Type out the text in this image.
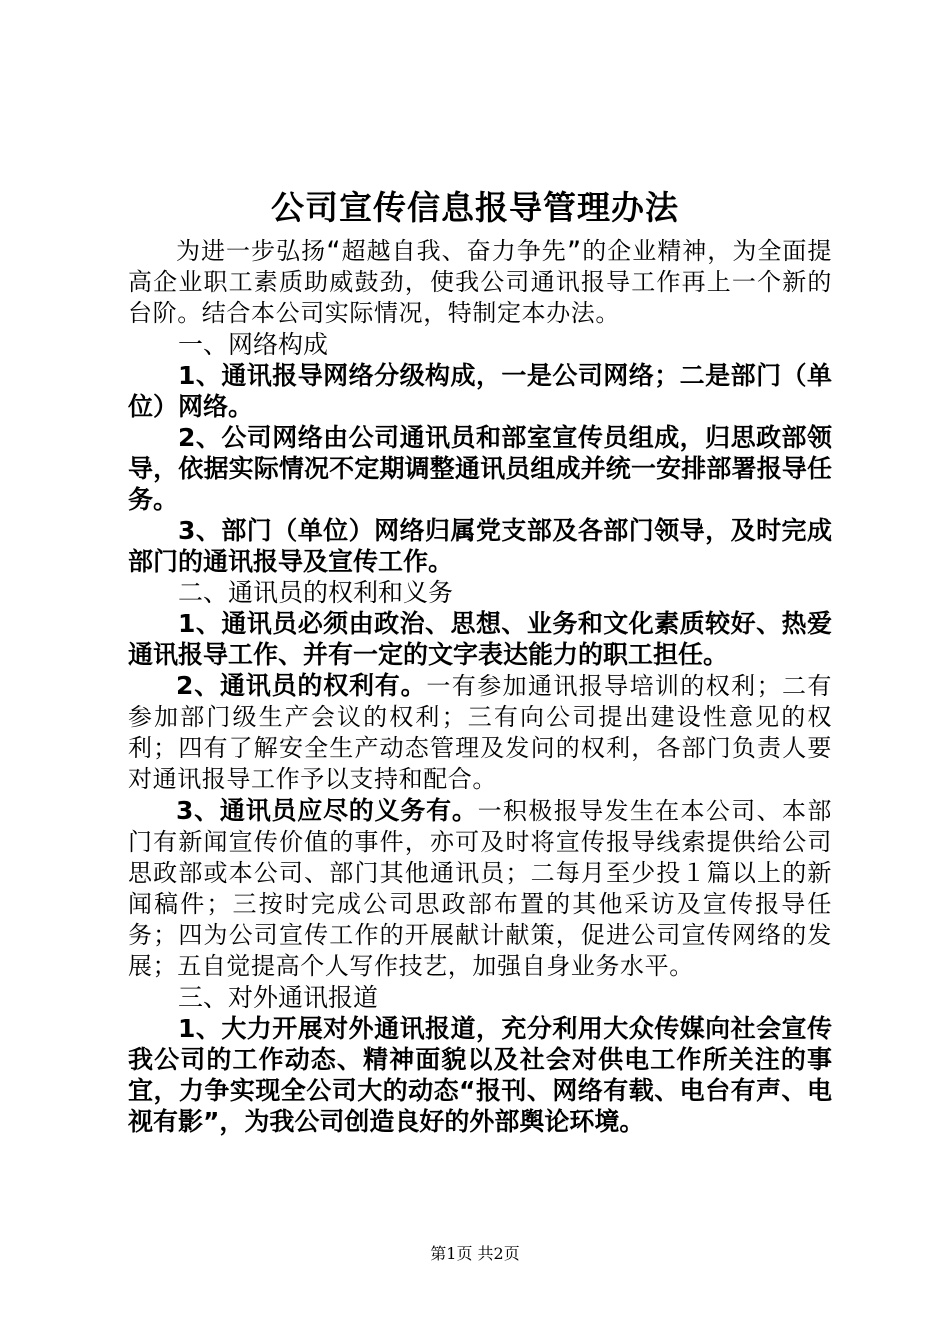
公司宣传信息报导管理办法

为进一步弘扬“超越自我、奋力争先”的企业精神，为全面提高企业职工素质助威鼓劲，使我公司通讯报导工作再上一个新的台阶。结合本公司实际情况，特制定本办法。

一、网络构成

1、通讯报导网络分级构成，一是公司网络；二是部门（单位）网络。

2、公司网络由公司通讯员和部室宣传员组成，归思政部领导，依据实际情况不定期调整通讯员组成并统一安排部署报导任务。

3、部门（单位）网络归属党支部及各部门领导，及时完成部门的通讯报导及宣传工作。

二、通讯员的权利和义务

1、通讯员必须由政治、思想、业务和文化素质较好、热爱通讯报导工作、并有一定的文字表达能力的职工担任。

2、通讯员的权利有。一有参加通讯报导培训的权利；二有参加部门级生产会议的权利；三有向公司提出建设性意见的权利；四有了解安全生产动态管理及发问的权利，各部门负责人要对通讯报导工作予以支持和配合。

3、通讯员应尽的义务有。一积极报导发生在本公司、本部门有新闻宣传价值的事件，亦可及时将宣传报导线索提供给公司思政部或本公司、部门其他通讯员；二每月至少投１篇以上的新闻稿件；三按时完成公司思政部布置的其他采访及宣传报导任务；四为公司宣传工作的开展献计献策，促进公司宣传网络的发展；五自觉提高个人写作技艺，加强自身业务水平。

三、对外通讯报道

1、大力开展对外通讯报道，充分利用大众传媒向社会宣传我公司的工作动态、精神面貌以及社会对供电工作所关注的事宜，力争实现全公司大的动态“报刊、网络有载、电台有声、电视有影”，为我公司创造良好的外部舆论环境。

第1页 共2页
